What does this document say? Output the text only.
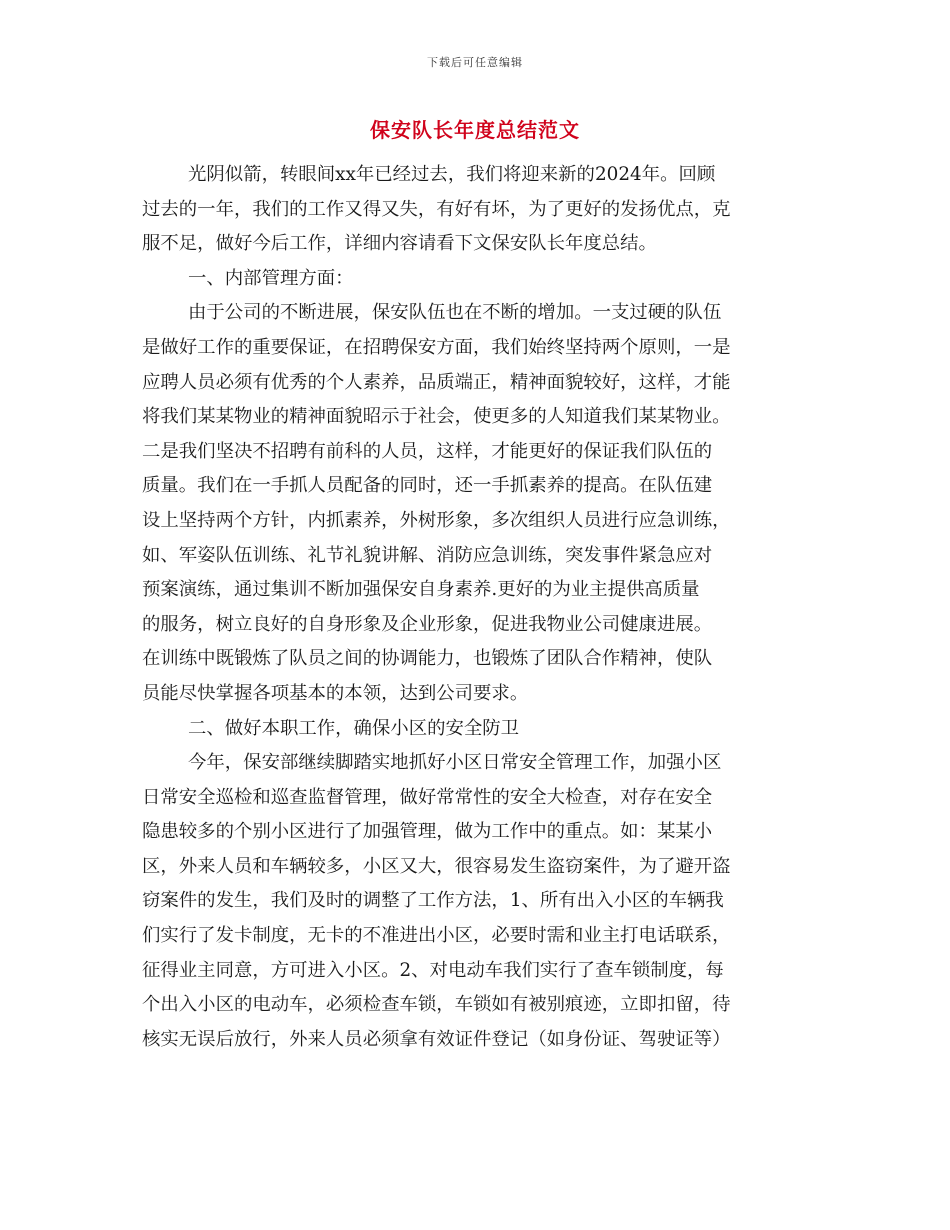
下载后可任意编辑
保安队长年度总结范文
光阴似箭，转眼间xx年已经过去，我们将迎来新的2024年。回顾
过去的一年，我们的工作又得又失，有好有坏，为了更好的发扬优点，克
服不足，做好今后工作，详细内容请看下文保安队长年度总结。
一、内部管理方面：
由于公司的不断进展，保安队伍也在不断的增加。一支过硬的队伍
是做好工作的重要保证，在招聘保安方面，我们始终坚持两个原则，一是
应聘人员必须有优秀的个人素养，品质端正，精神面貌较好，这样，才能
将我们某某物业的精神面貌昭示于社会，使更多的人知道我们某某物业。
二是我们坚决不招聘有前科的人员，这样，才能更好的保证我们队伍的
质量。我们在一手抓人员配备的同时，还一手抓素养的提高。在队伍建
设上坚持两个方针，内抓素养，外树形象，多次组织人员进行应急训练，
如、军姿队伍训练、礼节礼貌讲解、消防应急训练，突发事件紧急应对
预案演练，通过集训不断加强保安自身素养.更好的为业主提供高质量
的服务，树立良好的自身形象及企业形象，促进我物业公司健康进展。
在训练中既锻炼了队员之间的协调能力，也锻炼了团队合作精神，使队
员能尽快掌握各项基本的本领，达到公司要求。
二、做好本职工作，确保小区的安全防卫
今年，保安部继续脚踏实地抓好小区日常安全管理工作，加强小区
日常安全巡检和巡查监督管理，做好常常性的安全大检查，对存在安全
隐患较多的个别小区进行了加强管理，做为工作中的重点。如：某某小
区，外来人员和车辆较多，小区又大，很容易发生盗窃案件，为了避开盗
窃案件的发生，我们及时的调整了工作方法，1、所有出入小区的车辆我
们实行了发卡制度，无卡的不准进出小区，必要时需和业主打电话联系，
征得业主同意，方可进入小区。2、对电动车我们实行了查车锁制度，每
个出入小区的电动车，必须检查车锁，车锁如有被别痕迹，立即扣留，待
核实无误后放行，外来人员必须拿有效证件登记（如身份证、驾驶证等）
